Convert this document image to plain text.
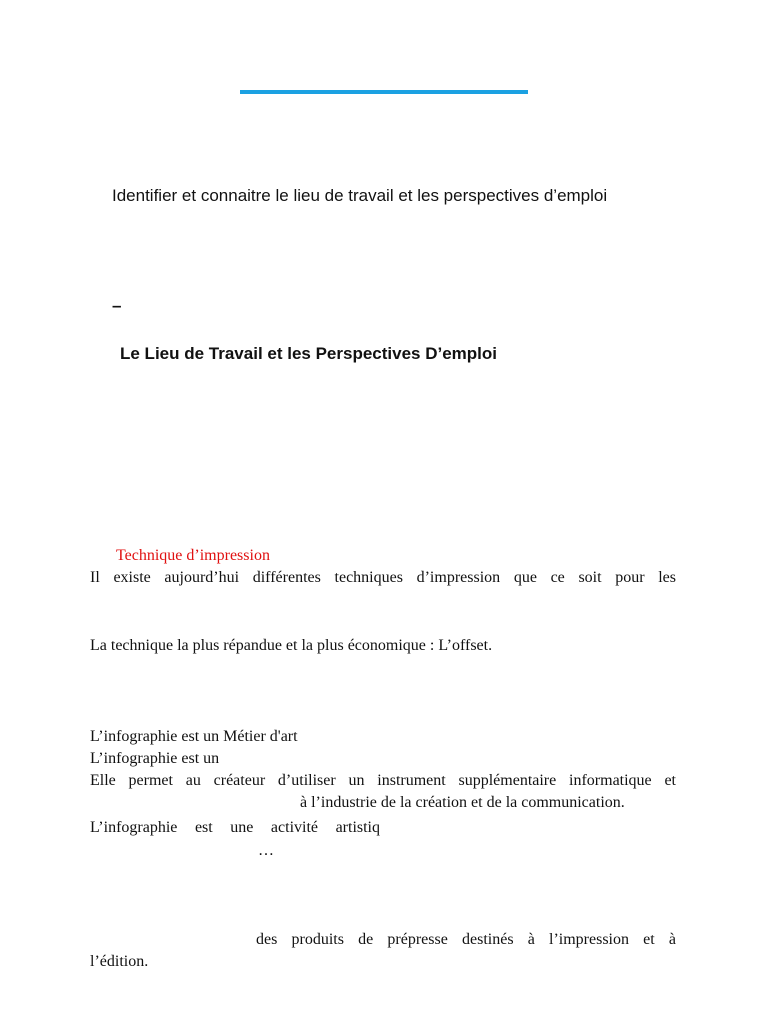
Identifier et connaitre le lieu de travail et les perspectives d’emploi
–
Le Lieu de Travail et les Perspectives D’emploi
Technique d’impression
Il existe aujourd’hui différentes techniques d’impression que ce soit pour les
La technique la plus répandue et la plus économique : L’offset.
L’infographie est un Métier d'art
L’infographie est un
Elle permet au créateur d’utiliser un instrument supplémentaire informatique et
à l’industrie de la création et de la communication.
L’infographie est une activité artistiq
…
des produits de prépresse destinés à l’impression et à
l’édition.
